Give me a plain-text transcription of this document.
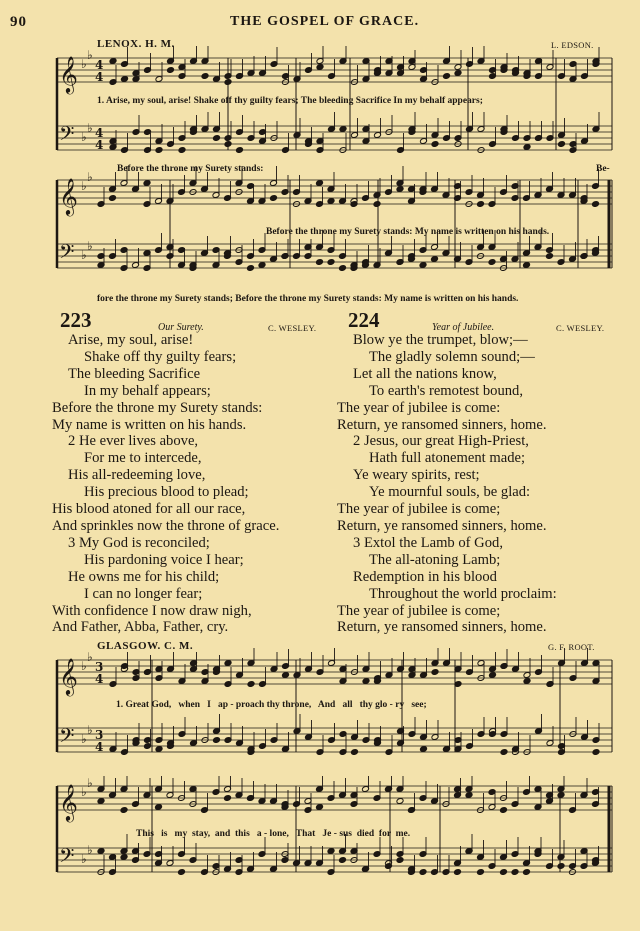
90	THE GOSPEL OF GRACE.
LENOX. H. M.	L. EDSON.
𝄞
𝄢
♭
♭
♭
♭
4
4
4
4
𝄞
𝄢
♭
♭
♭
♭
1. Arise, my soul, arise! Shake off thy guilty fears; The bleeding Sacrifice In my behalf appears;
Before the throne my Surety stands:	Be-
Before the throne my Surety stands: My name is written on his hands.
fore the throne my Surety stands; Before the throne my Surety stands: My name is written on his hands.
223	Our Surety.	C. WESLEY.
Arise, my soul, arise!
Shake off thy guilty fears;
The bleeding Sacrifice
In my behalf appears;
Before the throne my Surety stands:
My name is written on his hands.
2 He ever lives above,
For me to intercede,
His all-redeeming love,
His precious blood to plead;
His blood atoned for all our race,
And sprinkles now the throne of grace.
3 My God is reconciled;
His pardoning voice I hear;
He owns me for his child;
I can no longer fear;
With confidence I now draw nigh,
And Father, Abba, Father, cry.
224	Year of Jubilee.	C. WESLEY.
Blow ye the trumpet, blow;—
The gladly solemn sound;—
Let all the nations know,
To earth's remotest bound,
The year of jubilee is come:
Return, ye ransomed sinners, home.
2 Jesus, our great High-Priest,
Hath full atonement made;
Ye weary spirits, rest;
Ye mournful souls, be glad:
The year of jubilee is come;
Return, ye ransomed sinners, home.
3 Extol the Lamb of God,
The all-atoning Lamb;
Redemption in his blood
Throughout the world proclaim:
The year of jubilee is come;
Return, ye ransomed sinners, home.
GLASGOW. C. M.	G. F. ROOT.
𝄞
𝄢
♭
♭
♭
♭
3
4
3
4
𝄞
𝄢
♭
♭
♭
♭
1. Great God,   when   I   ap - proach thy throne,   And   all   thy glo - ry   see;
This   is   my  stay,  and  this   a - lone,   That   Je - sus  died  for  me.
